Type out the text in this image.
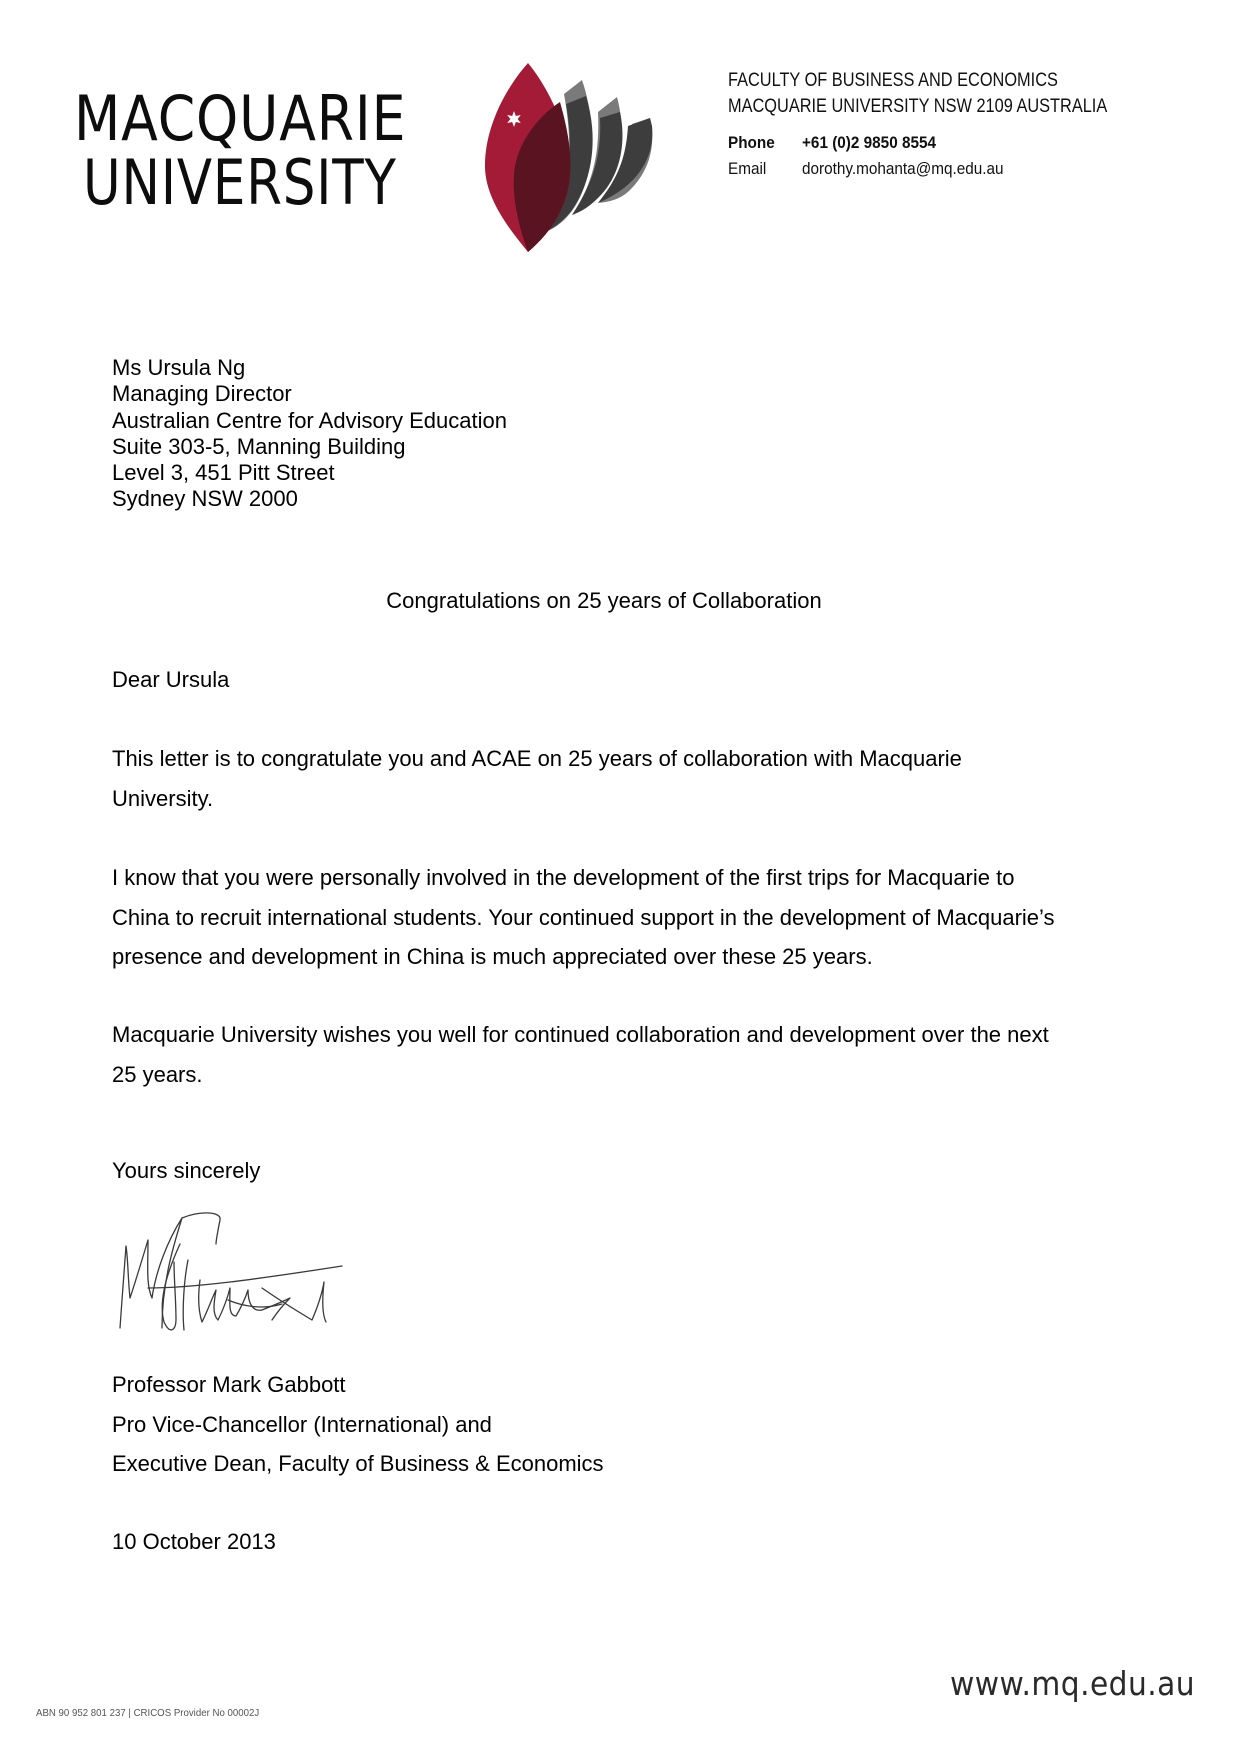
MACQUARIE
UNIVERSITY
FACULTY OF BUSINESS AND ECONOMICS
MACQUARIE UNIVERSITY NSW 2109 AUSTRALIA
Phone +61 (0)2 9850 8554
Email dorothy.mohanta@mq.edu.au
Ms Ursula Ng
Managing Director
Australian Centre for Advisory Education
Suite 303-5, Manning Building
Level 3, 451 Pitt Street
Sydney NSW 2000
Congratulations on 25 years of Collaboration
Dear Ursula
This letter is to congratulate you and ACAE on 25 years of collaboration with Macquarie
University.
I know that you were personally involved in the development of the first trips for Macquarie to
China to recruit international students. Your continued support in the development of Macquarie’s
presence and development in China is much appreciated over these 25 years.
Macquarie University wishes you well for continued collaboration and development over the next
25 years.
Yours sincerely
Professor Mark Gabbott
Pro Vice-Chancellor (International) and
Executive Dean, Faculty of Business & Economics
10 October 2013
ABN 90 952 801 237 | CRICOS Provider No 00002J
www.mq.edu.au
